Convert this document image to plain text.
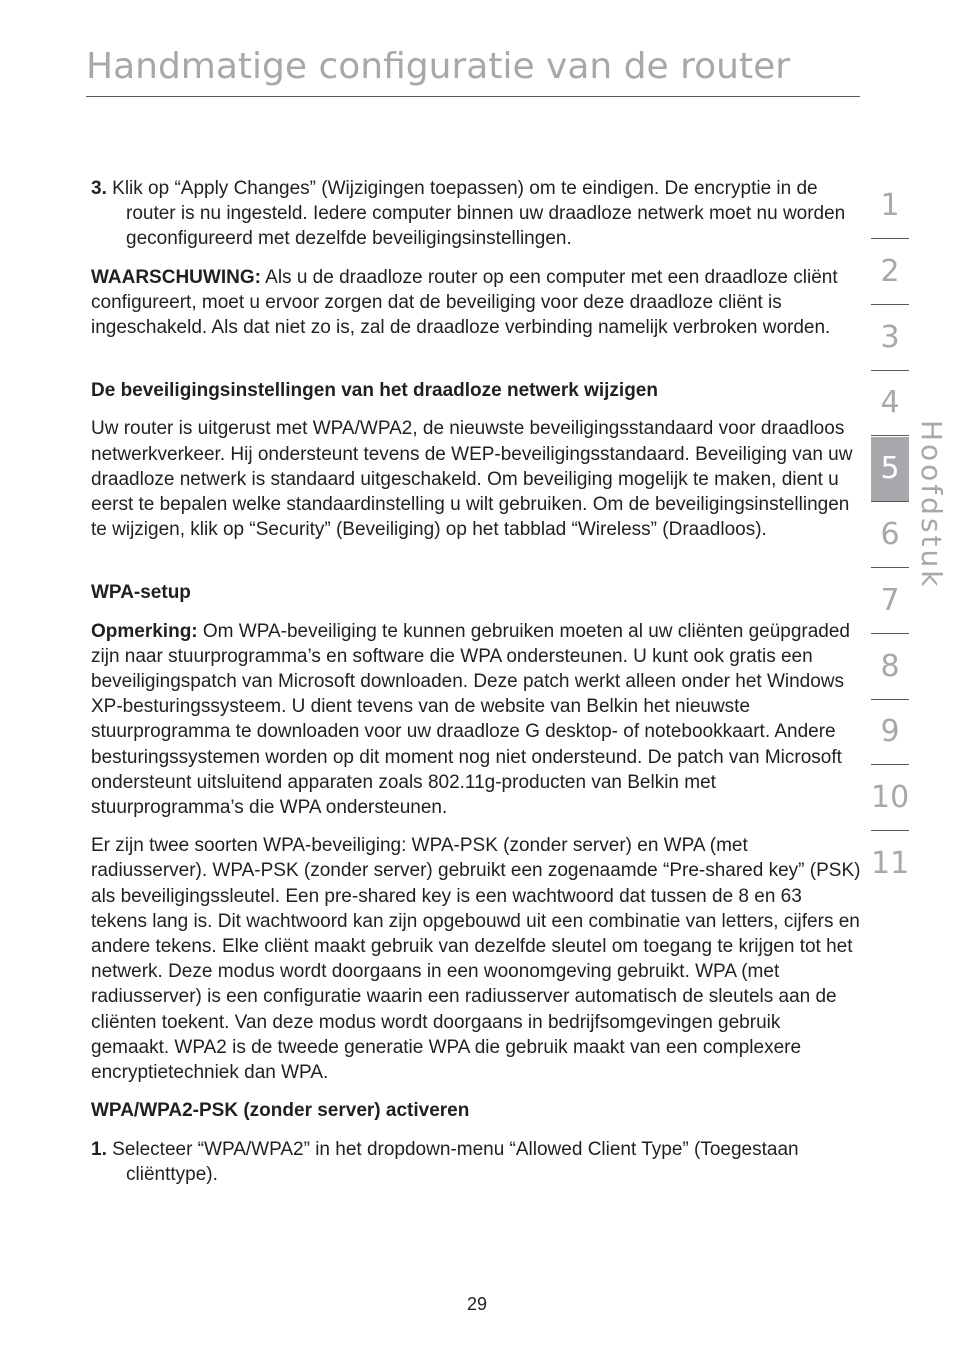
Handmatige configuratie van de router

3. Klik op “Apply Changes” (Wijzigingen toepassen) om te eindigen. De encryptie in de router is nu ingesteld. Iedere computer binnen uw draadloze netwerk moet nu worden geconfigureerd met dezelfde beveiligingsinstellingen.

WAARSCHUWING: Als u de draadloze router op een computer met een draadloze cliënt configureert, moet u ervoor zorgen dat de beveiliging voor deze draadloze cliënt is ingeschakeld. Als dat niet zo is, zal de draadloze verbinding namelijk verbroken worden.

De beveiligingsinstellingen van het draadloze netwerk wijzigen

Uw router is uitgerust met WPA/WPA2, de nieuwste beveiligingsstandaard voor draadloos netwerkverkeer. Hij ondersteunt tevens de WEP-beveiligingsstandaard. Beveiliging van uw draadloze netwerk is standaard uitgeschakeld. Om beveiliging mogelijk te maken, dient u eerst te bepalen welke standaardinstelling u wilt gebruiken. Om de beveiligingsinstellingen te wijzigen, klik op “Security” (Beveiliging) op het tabblad “Wireless” (Draadloos).

WPA-setup

Opmerking: Om WPA-beveiliging te kunnen gebruiken moeten al uw cliënten geüpgraded zijn naar stuurprogramma’s en software die WPA ondersteunen. U kunt ook gratis een beveiligingspatch van Microsoft downloaden. Deze patch werkt alleen onder het Windows XP-besturingssysteem. U dient tevens van de website van Belkin het nieuwste stuurprogramma te downloaden voor uw draadloze G desktop- of notebookkaart. Andere besturingssystemen worden op dit moment nog niet ondersteund. De patch van Microsoft ondersteunt uitsluitend apparaten zoals 802.11g-producten van Belkin met stuurprogramma’s die WPA ondersteunen.

Er zijn twee soorten WPA-beveiliging: WPA-PSK (zonder server) en WPA (met radiusserver). WPA-PSK (zonder server) gebruikt een zogenaamde “Pre-shared key” (PSK) als beveiligingssleutel. Een pre-shared key is een wachtwoord dat tussen de 8 en 63 tekens lang is. Dit wachtwoord kan zijn opgebouwd uit een combinatie van letters, cijfers en andere tekens. Elke cliënt maakt gebruik van dezelfde sleutel om toegang te krijgen tot het netwerk. Deze modus wordt doorgaans in een woonomgeving gebruikt. WPA (met radiusserver) is een configuratie waarin een radiusserver automatisch de sleutels aan de cliënten toekent. Van deze modus wordt doorgaans in bedrijfsomgevingen gebruik gemaakt. WPA2 is de tweede generatie WPA die gebruik maakt van een complexere encryptietechniek dan WPA.

WPA/WPA2-PSK (zonder server) activeren

1. Selecteer “WPA/WPA2” in het dropdown-menu “Allowed Client Type” (Toegestaan cliënttype).

1
2
3
4
5
6
7
8
9
10
11
Hoofdstuk
29
